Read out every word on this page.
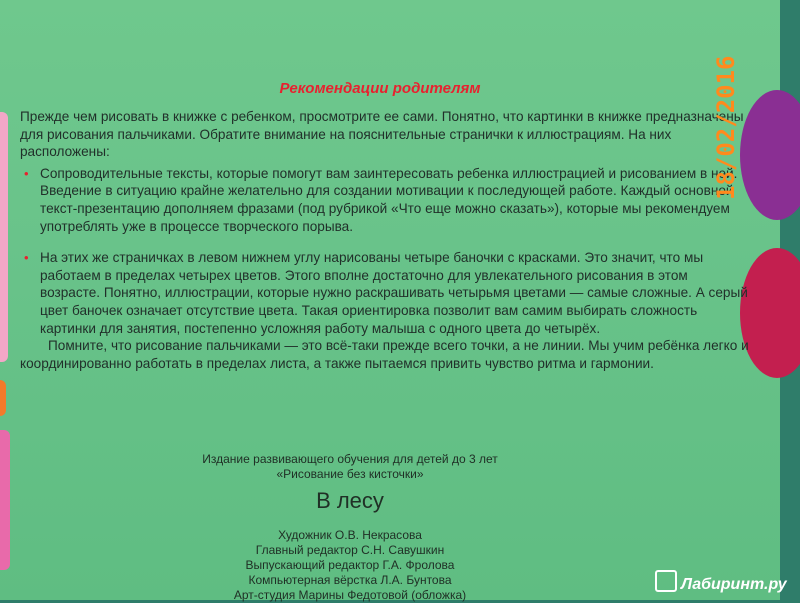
Рекомендации родителям

Прежде чем рисовать в книжке с ребенком, просмотрите ее сами. Понятно, что картинки в книжке предназначены для рисования пальчиками. Обратите внимание на пояснительные странички к иллюстрациям. На них расположены:

• Сопроводительные тексты, которые помогут вам заинтересовать ребенка иллюстрацией и рисованием в ней. Введение в ситуацию крайне желательно для создании мотивации к последующей работе. Каждый основной текст-презентацию дополняем фразами (под рубрикой «Что еще можно сказать»), которые мы рекомендуем употреблять уже в процессе творческого порыва.
• На этих же страничках в левом нижнем углу нарисованы четыре баночки с красками. Это значит, что мы работаем в пределах четырех цветов. Этого вполне достаточно для увлекательного рисования в этом возрасте. Понятно, иллюстрации, которые нужно раскрашивать четырьмя цветами — самые сложные. А серый цвет баночек означает отсутствие цвета. Такая ориентировка позволит вам самим выбирать сложность картинки для занятия, постепенно усложняя работу малыша с одного цвета до четырёх.

Помните, что рисование пальчиками — это всё-таки прежде всего точки, а не линии. Мы учим ребёнка легко и координированно работать в пределах листа, а также пытаемся привить чувство ритма и гармонии.

Издание развивающего обучения для детей до 3 лет
«Рисование без кисточки»
В лесу
Художник О.В. Некрасова
Главный редактор С.Н. Савушкин
Выпускающий редактор Г.А. Фролова
Компьютерная вёрстка Л.А. Бунтова
Арт-студия Марины Федотовой (обложка)
18/02/2016
Лабиринт.ру
